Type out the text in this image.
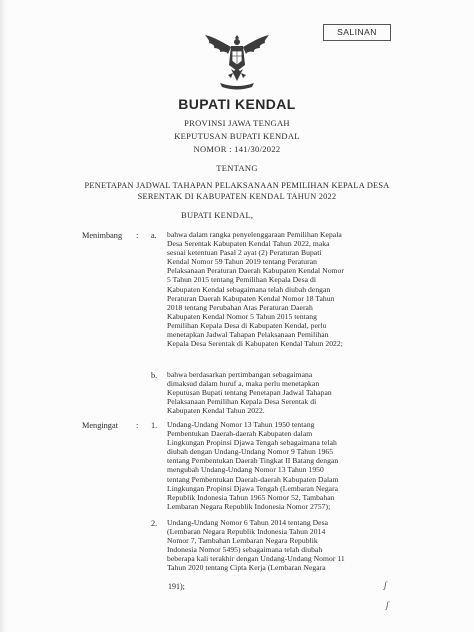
SALINAN
BUPATI KENDAL
PROVINSI JAWA TENGAH
KEPUTUSAN BUPATI KENDAL
NOMOR : 141/30/2022
TENTANG
PENETAPAN JADWAL TAHAPAN PELAKSANAAN PEMILIHAN KEPALA DESA
SERENTAK DI KABUPATEN KENDAL TAHUN 2022
BUPATI KENDAL,
Menimbang : a. bahwa dalam rangka penyelenggaraan Pemilihan Kepala
Desa Serentak Kabupaten Kendal Tahun 2022, maka
sesuai ketentuan Pasal 2 ayat (2) Peraturan Bupati
Kendal Nomor 59 Tahun 2019 tentang Peraturan
Pelaksanaan Peraturan Daerah Kabupaten Kendal Nomor
5 Tahun 2015 tentang Pemilihan Kepala Desa di
Kabupaten Kendal sebagaimana telah diubah dengan
Peraturan Daerah Kabupaten Kendal Nomor 18 Tahun
2018 tentang Perubahan Atas Peraturan Daerah
Kabupaten Kendal Nomor 5 Tahun 2015 tentang
Pemilihan Kepala Desa di Kabupaten Kendal, perlu
menetapkan Jadwal Tahapan Pelaksanaan Pemilihan
Kepala Desa Serentak di Kabupaten Kendal Tahun 2022;
b. bahwa berdasarkan pertimbangan sebagaimana
dimaksud dalam huruf a, maka perlu menetapkan
Keputusan Bupati tentang Penetapan Jadwal Tahapan
Pelaksanaan Pemilihan Kepala Desa Serentak di
Kabupaten Kendal Tahun 2022.
Mengingat : 1. Undang-Undang Nomor 13 Tahun 1950 tentang
Pembentukan Daerah-daerah Kabupaten dalam
Lingkungan Propinsi Djawa Tengah sebagaimana telah
diubah dengan Undang-Undang Nomor 9 Tahun 1965
tentang Pembentukan Daerah Tingkat II Batang dengan
mengubah Undang-Undang Nomor 13 Tahun 1950
tentang Pembentukan Daerah-daerah Kabupaten Dalam
Lingkungan Propinsi Djawa Tengah (Lembaran Negara
Republik Indonesia Tahun 1965 Nomor 52, Tambahan
Lembaran Negara Republik Indonesia Nomor 2757);
2. Undang-Undang Nomor 6 Tahun 2014 tentang Desa
(Lembaran Negara Republik Indonesia Tahun 2014
Nomor 7, Tambahan Lembaran Negara Republik
Indonesia Nomor 5495) sebagaimana telah diubah
beberapa kali terakhir dengan Undang-Undang Nomor 11
Tahun 2020 tentang Cipta Kerja (Lembaran Negara
ʃ
191);
ʃ
